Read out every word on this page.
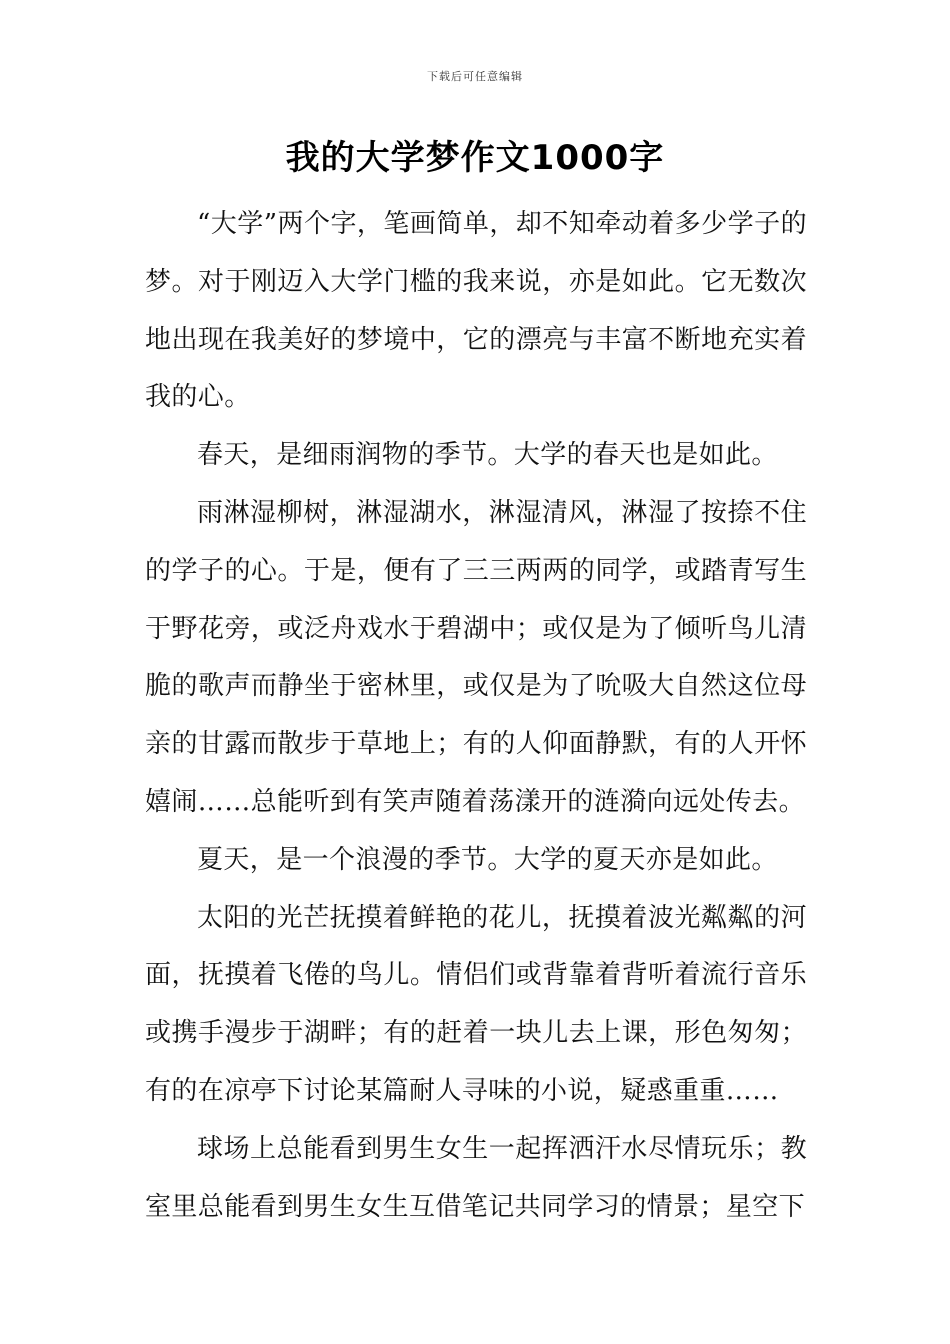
下载后可任意编辑
我的大学梦作文1000字

“大学”两个字，笔画简单，却不知牵动着多少学子的梦。对于刚迈入大学门槛的我来说，亦是如此。它无数次地出现在我美好的梦境中，它的漂亮与丰富不断地充实着我的心。

春天，是细雨润物的季节。大学的春天也是如此。

雨淋湿柳树，淋湿湖水，淋湿清风，淋湿了按捺不住的学子的心。于是，便有了三三两两的同学，或踏青写生于野花旁，或泛舟戏水于碧湖中；或仅是为了倾听鸟儿清脆的歌声而静坐于密林里，或仅是为了吮吸大自然这位母亲的甘露而散步于草地上；有的人仰面静默，有的人开怀嬉闹……总能听到有笑声随着荡漾开的涟漪向远处传去。

夏天，是一个浪漫的季节。大学的夏天亦是如此。

太阳的光芒抚摸着鲜艳的花儿，抚摸着波光粼粼的河面，抚摸着飞倦的鸟儿。情侣们或背靠着背听着流行音乐或携手漫步于湖畔；有的赶着一块儿去上课，形色匆匆；有的在凉亭下讨论某篇耐人寻味的小说，疑惑重重……

球场上总能看到男生女生一起挥洒汗水尽情玩乐；教室里总能看到男生女生互借笔记共同学习的情景；星空下
